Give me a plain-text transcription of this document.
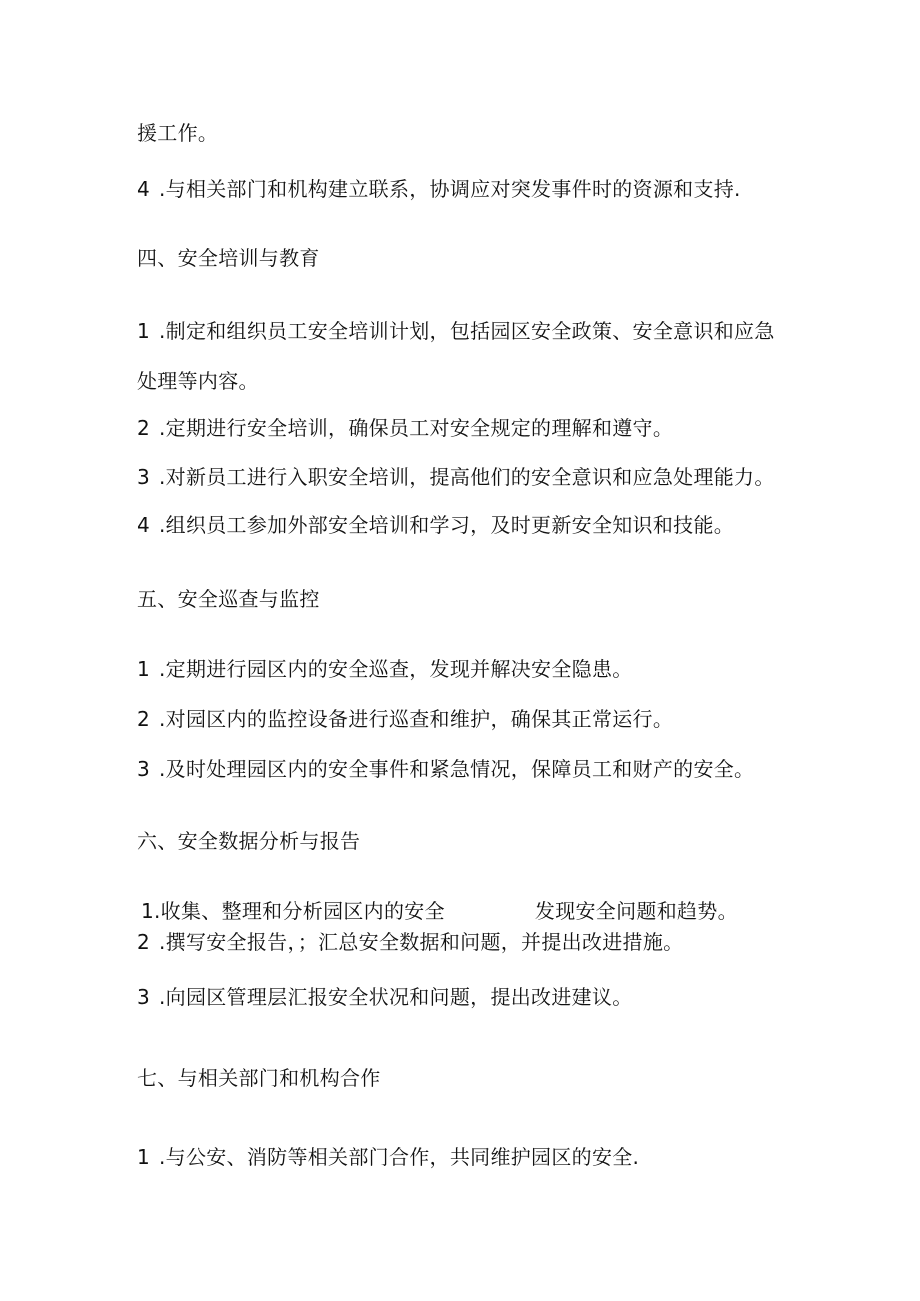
援工作。
4 .与相关部门和机构建立联系，协调应对突发事件时的资源和支持.
四、安全培训与教育
1 .制定和组织员工安全培训计划，包括园区安全政策、安全意识和应急
处理等内容。
2 .定期进行安全培训，确保员工对安全规定的理解和遵守。
3 .对新员工进行入职安全培训，提高他们的安全意识和应急处理能力。
4 .组织员工参加外部安全培训和学习，及时更新安全知识和技能。
五、安全巡查与监控
1 .定期进行园区内的安全巡查，发现并解决安全隐患。
2 .对园区内的监控设备进行巡查和维护，确保其正常运行。
3 .及时处理园区内的安全事件和紧急情况，保障员工和财产的安全。
六、安全数据分析与报告
1.收集、整理和分析园区内的安全	发现安全问题和趋势。
2 .撰写安全报告，；汇总安全数据和问题，并提出改进措施。
3 .向园区管理层汇报安全状况和问题，提出改进建议。
七、与相关部门和机构合作
1 .与公安、消防等相关部门合作，共同维护园区的安全.
